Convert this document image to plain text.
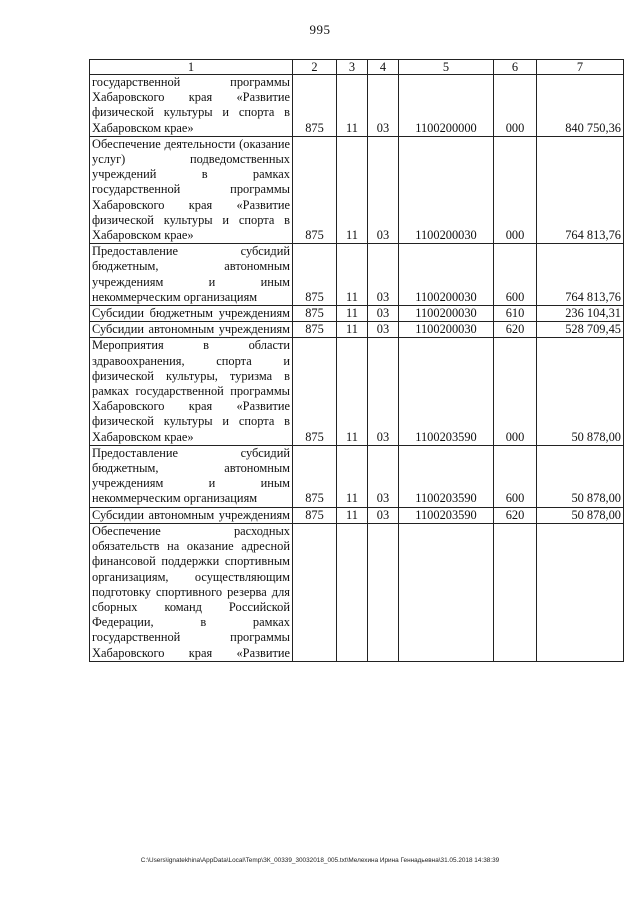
995
1	2	3	4	5	6	7
государственной программы Хабаровского края «Развитие физической культуры и спорта в Хабаровском крае»	875	11	03	1100200000	000	840 750,36
Обеспечение деятельности (оказание услуг) подведомственных учреждений в рамках государственной программы Хабаровского края «Развитие физической культуры и спорта в Хабаровском крае»	875	11	03	1100200030	000	764 813,76
Предоставление субсидий бюджетным, автономным учреждениям и иным некоммерческим организациям	875	11	03	1100200030	600	764 813,76
Субсидии бюджетным учреждениям	875	11	03	1100200030	610	236 104,31
Субсидии автономным учреждениям	875	11	03	1100200030	620	528 709,45
Мероприятия в области здравоохранения, спорта и физической культуры, туризма в рамках государственной программы Хабаровского края «Развитие физической культуры и спорта в Хабаровском крае»	875	11	03	1100203590	000	50 878,00
Предоставление субсидий бюджетным, автономным учреждениям и иным некоммерческим организациям	875	11	03	1100203590	600	50 878,00
Субсидии автономным учреждениям	875	11	03	1100203590	620	50 878,00
Обеспечение расходных обязательств на оказание адресной финансовой поддержки спортивным организациям, осуществляющим подготовку спортивного резерва для сборных команд Российской Федерации, в рамках государственной программы Хабаровского края «Развитие						
C:\Users\ignatekhina\AppData\Local\Temp\ЗК_00339_30032018_005.txt\Мелехина Ирина Геннадьевна\31.05.2018 14:38:39
